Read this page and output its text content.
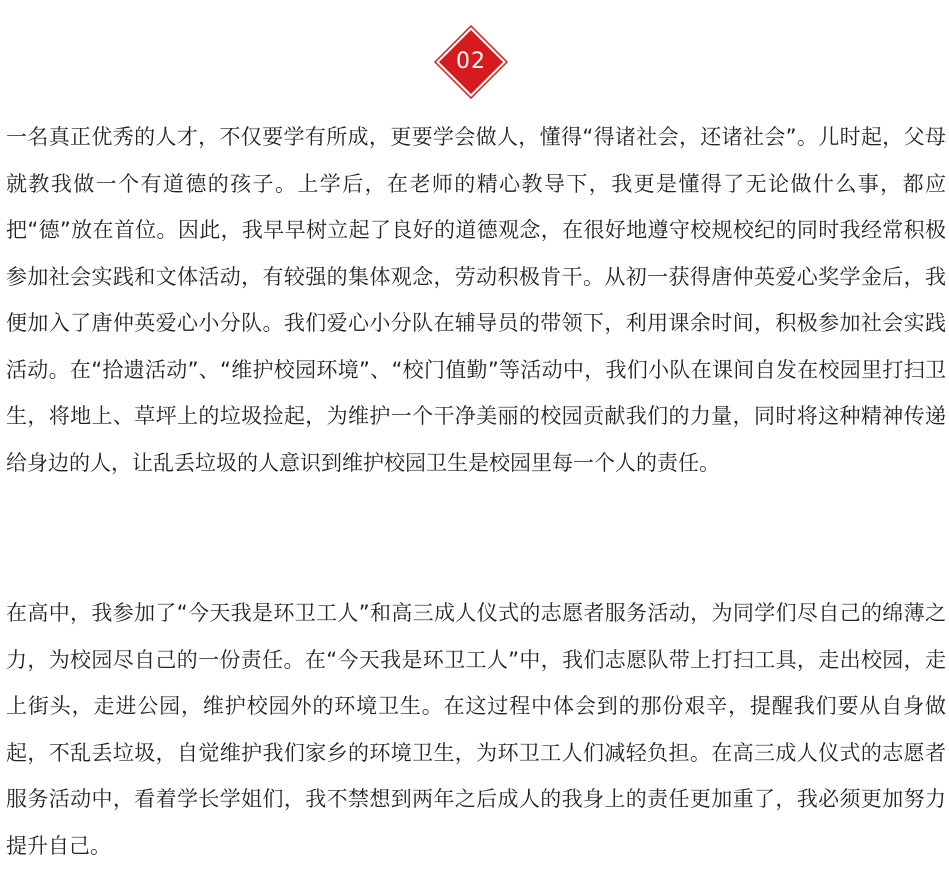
02

一名真正优秀的人才，不仅要学有所成，更要学会做人，懂得“得诸社会，还诸社会”。儿时起，父母就教我做一个有道德的孩子。上学后，在老师的精心教导下，我更是懂得了无论做什么事，都应把“德”放在首位。因此，我早早树立起了良好的道德观念，在很好地遵守校规校纪的同时我经常积极参加社会实践和文体活动，有较强的集体观念，劳动积极肯干。从初一获得唐仲英爱心奖学金后，我便加入了唐仲英爱心小分队。我们爱心小分队在辅导员的带领下，利用课余时间，积极参加社会实践活动。在“拾遗活动”、“维护校园环境”、“校门值勤”等活动中，我们小队在课间自发在校园里打扫卫生，将地上、草坪上的垃圾捡起，为维护一个干净美丽的校园贡献我们的力量，同时将这种精神传递给身边的人，让乱丢垃圾的人意识到维护校园卫生是校园里每一个人的责任。

在高中，我参加了“今天我是环卫工人”和高三成人仪式的志愿者服务活动，为同学们尽自己的绵薄之力，为校园尽自己的一份责任。在“今天我是环卫工人”中，我们志愿队带上打扫工具，走出校园，走上街头，走进公园，维护校园外的环境卫生。在这过程中体会到的那份艰辛，提醒我们要从自身做起，不乱丢垃圾，自觉维护我们家乡的环境卫生，为环卫工人们减轻负担。在高三成人仪式的志愿者服务活动中，看着学长学姐们，我不禁想到两年之后成人的我身上的责任更加重了，我必须更加努力提升自己。
